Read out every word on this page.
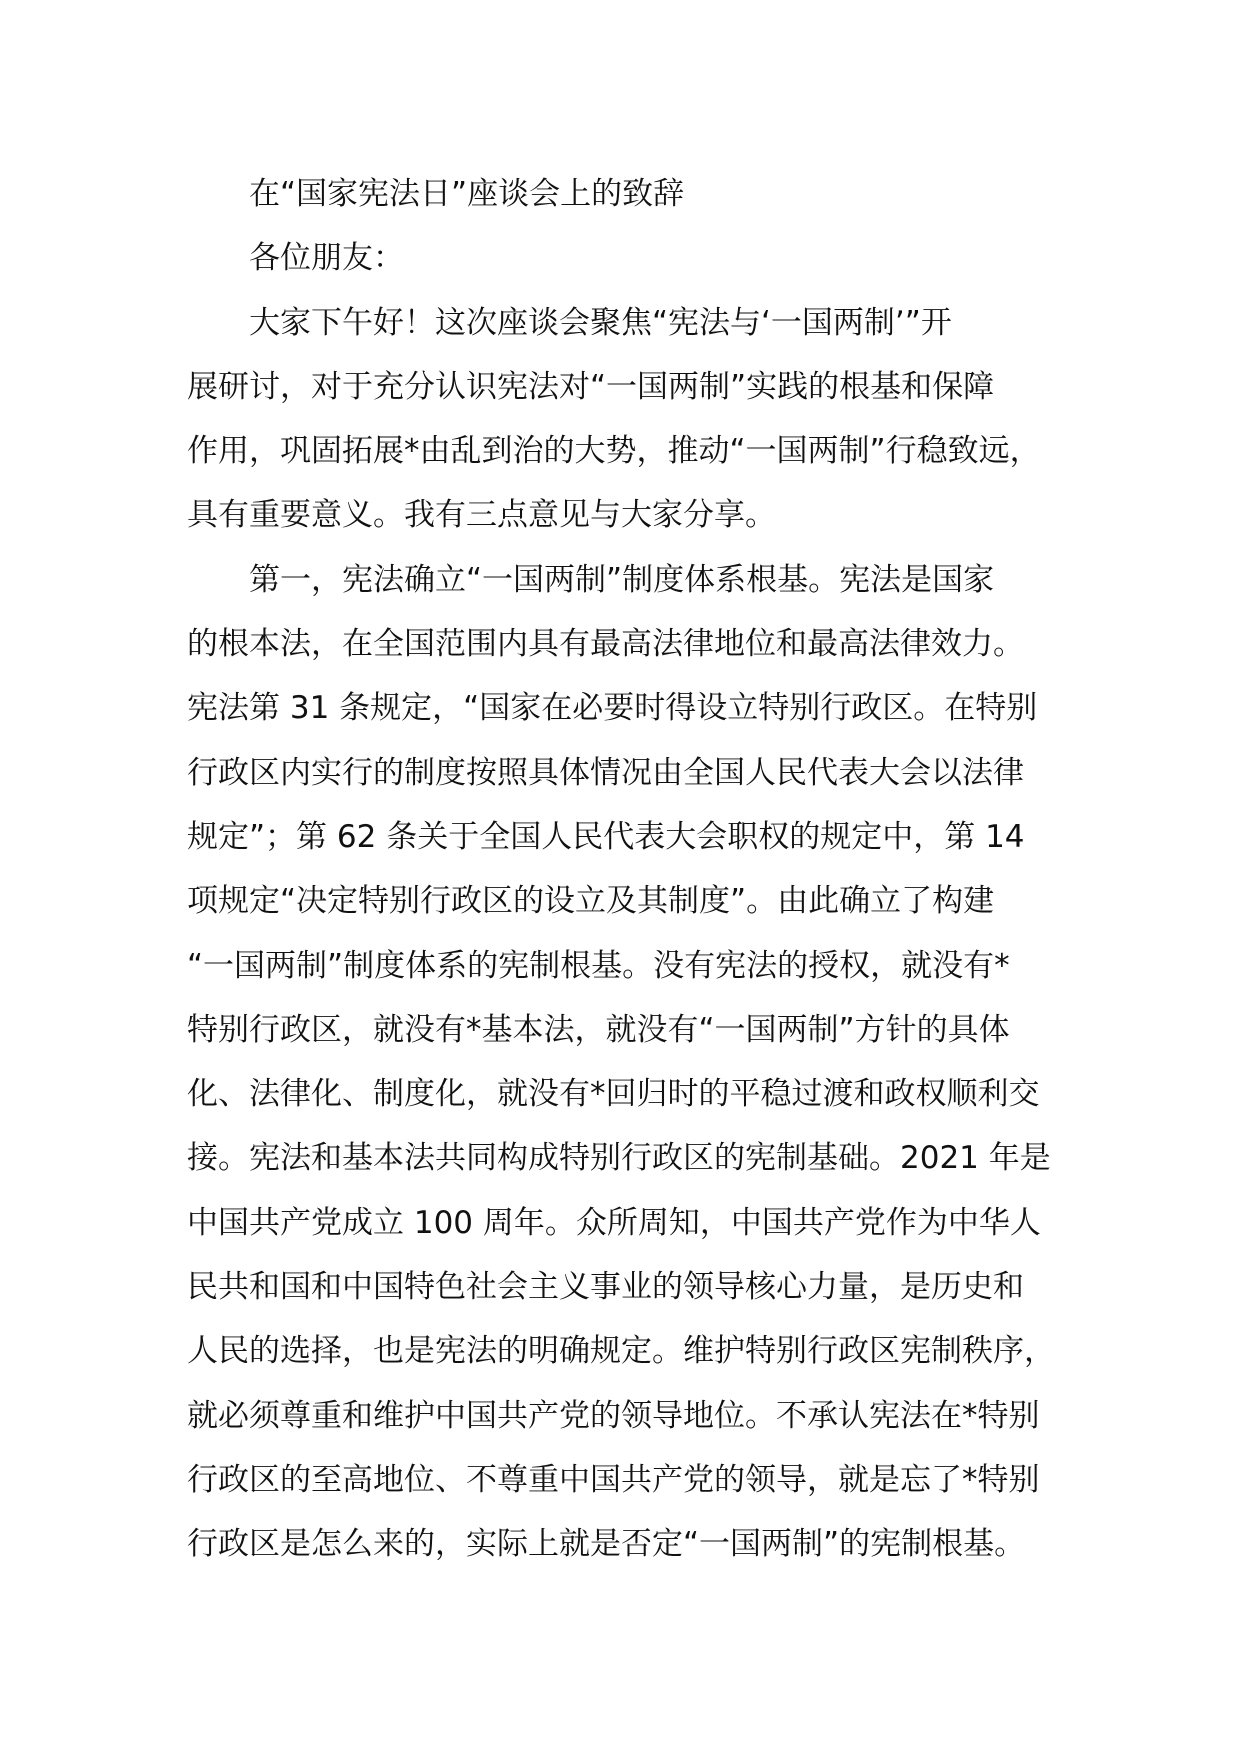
在“国家宪法日”座谈会上的致辞
各位朋友：
大家下午好！这次座谈会聚焦“宪法与‘一国两制’”开
展研讨，对于充分认识宪法对“一国两制”实践的根基和保障
作用，巩固拓展*由乱到治的大势，推动“一国两制”行稳致远，
具有重要意义。我有三点意见与大家分享。
第一，宪法确立“一国两制”制度体系根基。宪法是国家
的根本法，在全国范围内具有最高法律地位和最高法律效力。
宪法第 31 条规定，“国家在必要时得设立特别行政区。在特别
行政区内实行的制度按照具体情况由全国人民代表大会以法律
规定”；第 62 条关于全国人民代表大会职权的规定中，第 14
项规定“决定特别行政区的设立及其制度”。由此确立了构建
“一国两制”制度体系的宪制根基。没有宪法的授权，就没有*
特别行政区，就没有*基本法，就没有“一国两制”方针的具体
化、法律化、制度化，就没有*回归时的平稳过渡和政权顺利交
接。宪法和基本法共同构成特别行政区的宪制基础。2021 年是
中国共产党成立 100 周年。众所周知，中国共产党作为中华人
民共和国和中国特色社会主义事业的领导核心力量，是历史和
人民的选择，也是宪法的明确规定。维护特别行政区宪制秩序，
就必须尊重和维护中国共产党的领导地位。不承认宪法在*特别
行政区的至高地位、不尊重中国共产党的领导，就是忘了*特别
行政区是怎么来的，实际上就是否定“一国两制”的宪制根基。
